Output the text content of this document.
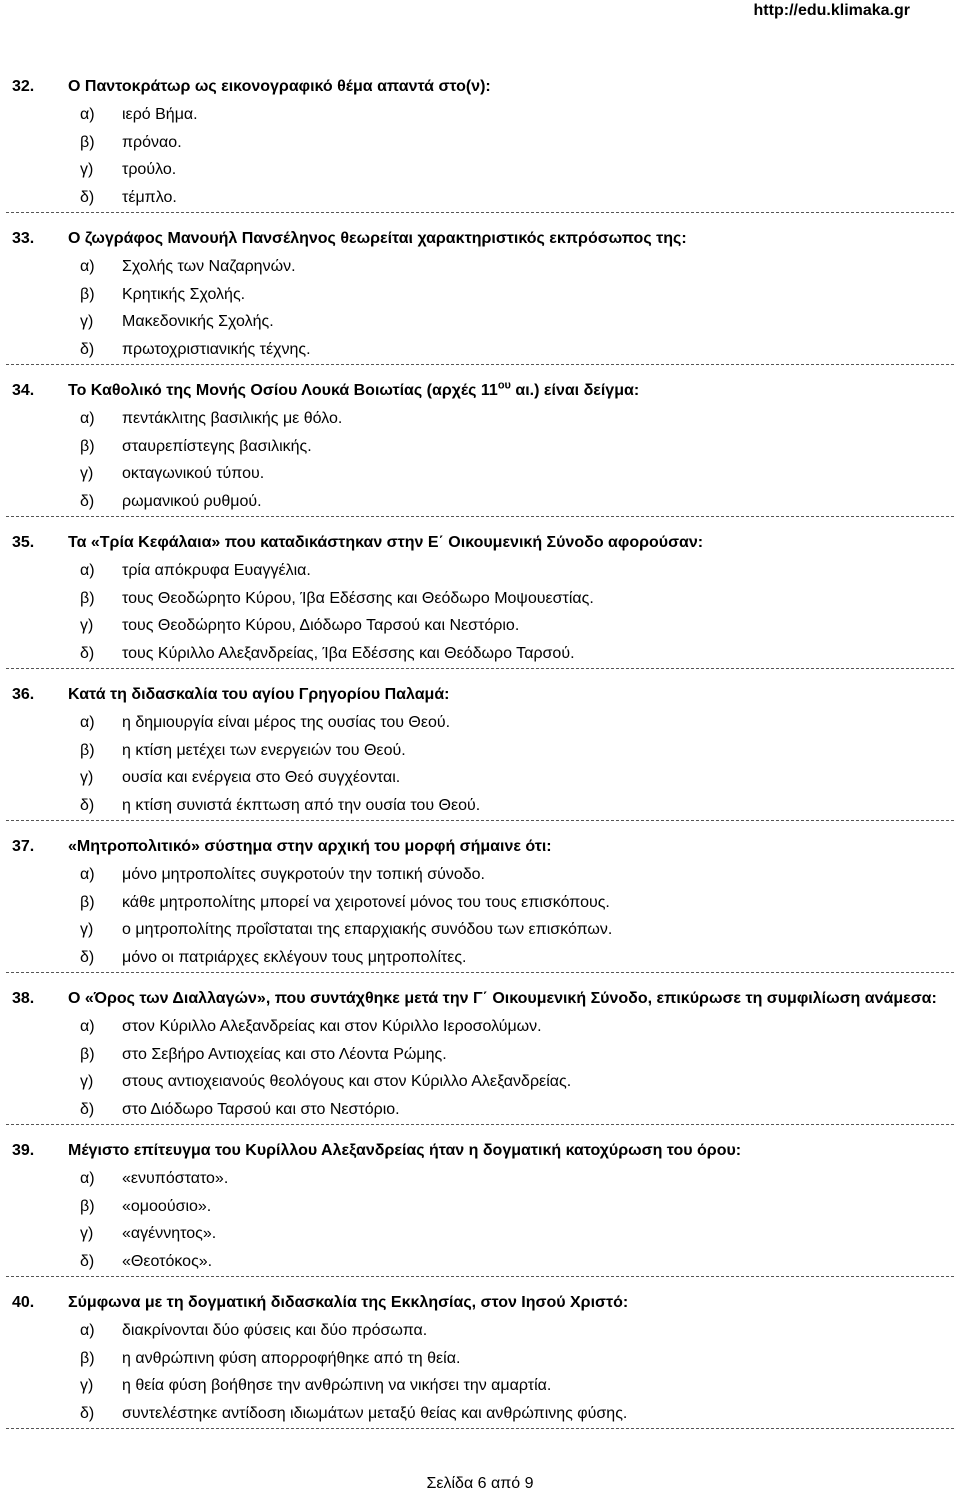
http://edu.klimaka.gr
32. Ο Παντοκράτωρ ως εικονογραφικό θέμα απαντά στο(ν):
α) ιερό Βήμα.
β) πρόναο.
γ) τρούλο.
δ) τέμπλο.
33. Ο ζωγράφος Μανουήλ Πανσέληνος θεωρείται χαρακτηριστικός εκπρόσωπος της:
α) Σχολής των Ναζαρηνών.
β) Κρητικής Σχολής.
γ) Μακεδονικής Σχολής.
δ) πρωτοχριστιανικής τέχνης.
34. Το Καθολικό της Μονής Οσίου Λουκά Βοιωτίας (αρχές $11^{o\upsilon}$ αι.) είναι δείγμα:
α) πεντάκλιτης βασιλικής με θόλο.
β) σταυρεπίστεγης βασιλικής.
γ) οκταγωνικού τύπου.
δ) ρωμανικού ρυθμού.
35. Τα «Τρία Κεφάλαια» που καταδικάστηκαν στην Ε΄ Οικουμενική Σύνοδο αφορούσαν:
α) τρία απόκρυφα Ευαγγέλια.
β) τους Θεοδώρητο Κύρου, Ίβα Εδέσσης και Θεόδωρο Μοψουεστίας.
γ) τους Θεοδώρητο Κύρου, Διόδωρο Ταρσού και Νεστόριο.
δ) τους Κύριλλο Αλεξανδρείας, Ίβα Εδέσσης και Θεόδωρο Ταρσού.
36. Κατά τη διδασκαλία του αγίου Γρηγορίου Παλαμά:
α) η δημιουργία είναι μέρος της ουσίας του Θεού.
β) η κτίση μετέχει των ενεργειών του Θεού.
γ) ουσία και ενέργεια στο Θεό συγχέονται.
δ) η κτίση συνιστά έκπτωση από την ουσία του Θεού.
37. «Μητροπολιτικό» σύστημα στην αρχική του μορφή σήμαινε ότι:
α) μόνο μητροπολίτες συγκροτούν την τοπική σύνοδο.
β) κάθε μητροπολίτης μπορεί να χειροτονεί μόνος του τους επισκόπους.
γ) ο μητροπολίτης προΐσταται της επαρχιακής συνόδου των επισκόπων.
δ) μόνο οι πατριάρχες εκλέγουν τους μητροπολίτες.
38. Ο «Όρος των Διαλλαγών», που συντάχθηκε μετά την Γ΄ Οικουμενική Σύνοδο, επικύρωσε τη συμφιλίωση ανάμεσα:
α) στον Κύριλλο Αλεξανδρείας και στον Κύριλλο Ιεροσολύμων.
β) στο Σεβήρο Αντιοχείας και στο Λέοντα Ρώμης.
γ) στους αντιοχειανούς θεολόγους και στον Κύριλλο Αλεξανδρείας.
δ) στο Διόδωρο Ταρσού και στο Νεστόριο.
39. Μέγιστο επίτευγμα του Κυρίλλου Αλεξανδρείας ήταν η δογματική κατοχύρωση του όρου:
α) «ενυπόστατο».
β) «ομοούσιο».
γ) «αγέννητος».
δ) «Θεοτόκος».
40. Σύμφωνα με τη δογματική διδασκαλία της Εκκλησίας, στον Ιησού Χριστό:
α) διακρίνονται δύο φύσεις και δύο πρόσωπα.
β) η ανθρώπινη φύση απορροφήθηκε από τη θεία.
γ) η θεία φύση βοήθησε την ανθρώπινη να νικήσει την αμαρτία.
δ) συντελέστηκε αντίδοση ιδιωμάτων μεταξύ θείας και ανθρώπινης φύσης.
Σελίδα 6 από 9
